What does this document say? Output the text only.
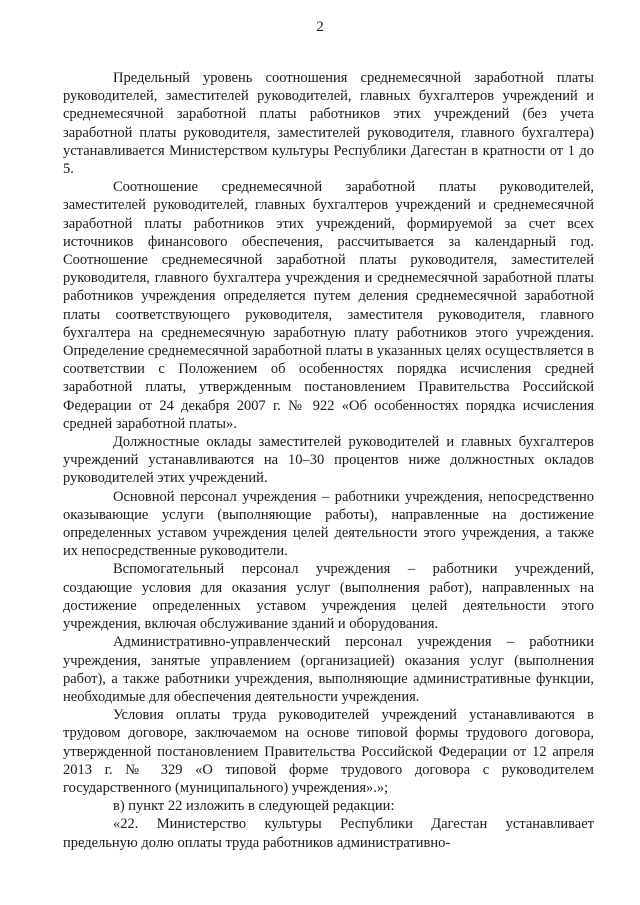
2

Предельный уровень соотношения среднемесячной заработной платы руководителей, заместителей руководителей, главных бухгалтеров учреждений и среднемесячной заработной платы работников этих учреждений (без учета заработной платы руководителя, заместителей руководителя, главного бухгалтера) устанавливается Министерством культуры Республики Дагестан в кратности от 1 до 5.

Соотношение среднемесячной заработной платы руководителей, заместителей руководителей, главных бухгалтеров учреждений и среднемесячной заработной платы работников этих учреждений, формируемой за счет всех источников финансового обеспечения, рассчитывается за календарный год. Соотношение среднемесячной заработной платы руководителя, заместителей руководителя, главного бухгалтера учреждения и среднемесячной заработной платы работников учреждения определяется путем деления среднемесячной заработной платы соответствующего руководителя, заместителя руководителя, главного бухгалтера на среднемесячную заработную плату работников этого учреждения. Определение среднемесячной заработной платы в указанных целях осуществляется в соответствии с Положением об особенностях порядка исчисления средней заработной платы, утвержденным постановлением Правительства Российской Федерации от 24 декабря 2007 г. № 922 «Об особенностях порядка исчисления средней заработной платы».

Должностные оклады заместителей руководителей и главных бухгалтеров учреждений устанавливаются на 10–30 процентов ниже должностных окладов руководителей этих учреждений.

Основной персонал учреждения – работники учреждения, непосредственно оказывающие услуги (выполняющие работы), направленные на достижение определенных уставом учреждения целей деятельности этого учреждения, а также их непосредственные руководители.

Вспомогательный персонал учреждения – работники учреждений, создающие условия для оказания услуг (выполнения работ), направленных на достижение определенных уставом учреждения целей деятельности этого учреждения, включая обслуживание зданий и оборудования.

Административно-управленческий персонал учреждения – работники учреждения, занятые управлением (организацией) оказания услуг (выполнения работ), а также работники учреждения, выполняющие административные функции, необходимые для обеспечения деятельности учреждения.

Условия оплаты труда руководителей учреждений устанавливаются в трудовом договоре, заключаемом на основе типовой формы трудового договора, утвержденной постановлением Правительства Российской Федерации от 12 апреля 2013 г. № 329 «О типовой форме трудового договора с руководителем государственного (муниципального) учреждения».»;

в) пункт 22 изложить в следующей редакции:

«22. Министерство культуры Республики Дагестан устанавливает предельную долю оплаты труда работников административно-
